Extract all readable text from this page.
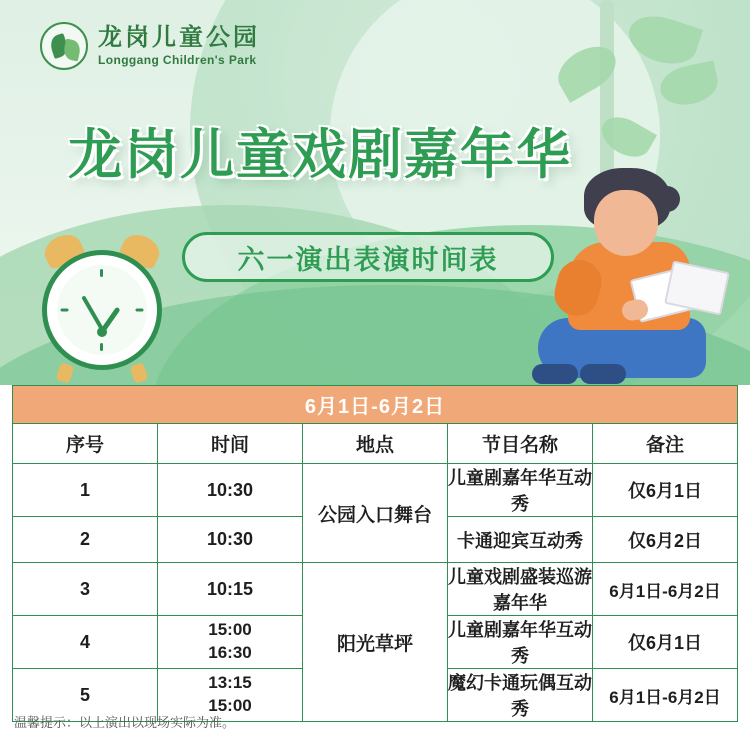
龙岗儿童公园
Longgang Children's Park
龙岗儿童戏剧嘉年华
六一演出表演时间表
6月1日-6月2日				
序号	时间	地点	节目名称	备注
1	10:30	公园入口舞台	儿童剧嘉年华互动秀	仅6月1日
2	10:30		卡通迎宾互动秀	仅6月2日
3	10:15	阳光草坪	儿童戏剧盛装巡游嘉年华	6月1日-6月2日
4	15:00
16:30		儿童剧嘉年华互动秀	仅6月1日
5	13:15
15:00		魔幻卡通玩偶互动秀	6月1日-6月2日
温馨提示：以上演出以现场实际为准。
